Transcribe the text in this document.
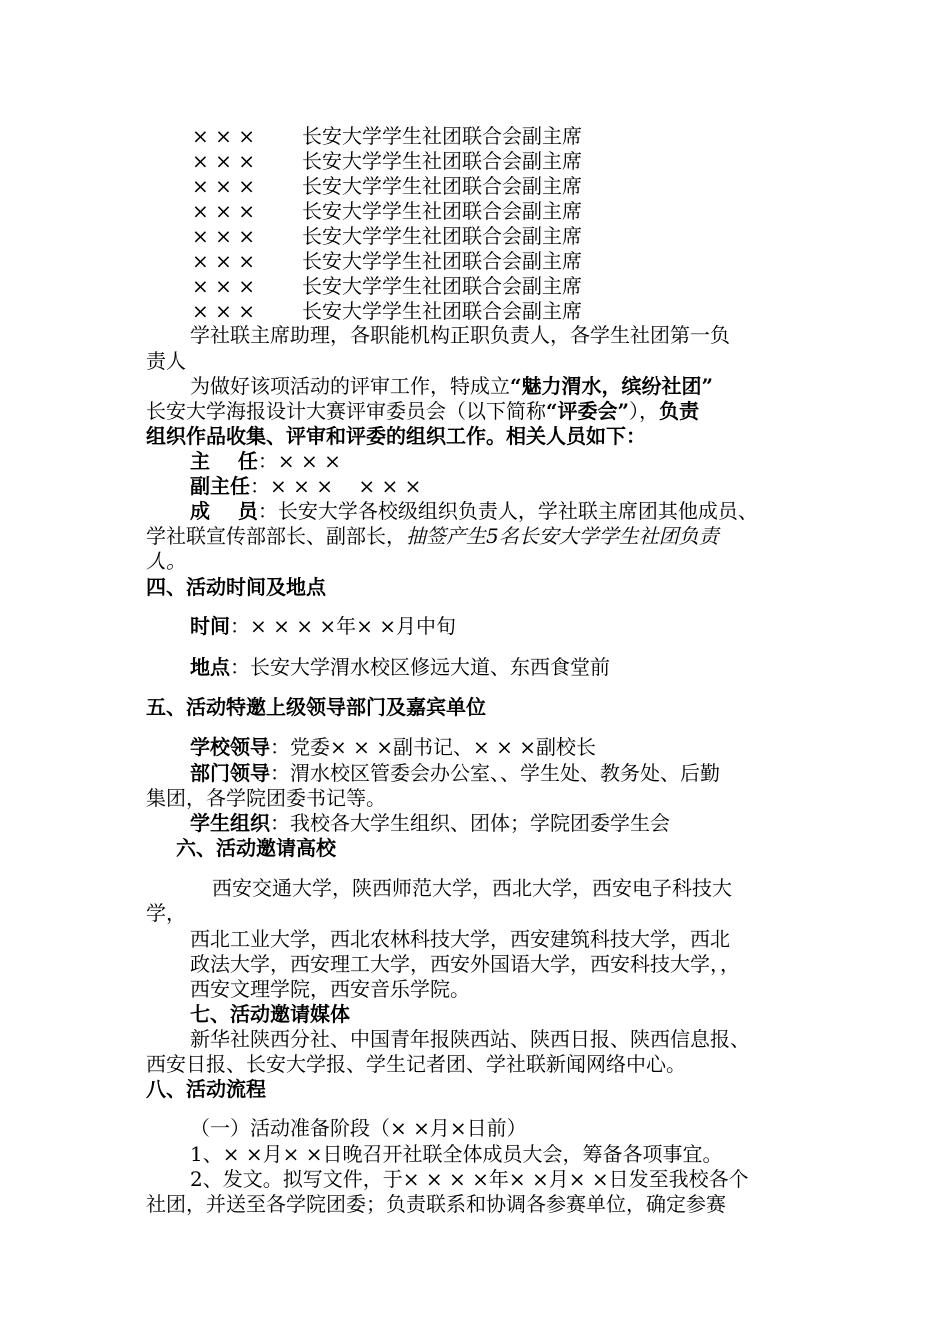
× × × 长安大学学生社团联合会副主席
× × × 长安大学学生社团联合会副主席
× × × 长安大学学生社团联合会副主席
× × × 长安大学学生社团联合会副主席
× × × 长安大学学生社团联合会副主席
× × × 长安大学学生社团联合会副主席
× × × 长安大学学生社团联合会副主席
× × × 长安大学学生社团联合会副主席
学社联主席助理，各职能机构正职负责人，各学生社团第一负
责人
为做好该项活动的评审工作，特成立“魅力渭水，缤纷社团”
长安大学海报设计大赛评审委员会（以下简称“评委会”），负责
组织作品收集、评审和评委的组织工作。相关人员如下：
主    任：× × ×
副主任：× × ×    × × ×
成    员：长安大学各校级组织负责人，学社联主席团其他成员、
学社联宣传部部长、副部长，抽签产生5名长安大学学生社团负责
人。
四、活动时间及地点
时间：× × × ×年× ×月中旬
地点：长安大学渭水校区修远大道、东西食堂前
五、活动特邀上级领导部门及嘉宾单位
学校领导：党委× × ×副书记、× × ×副校长
部门领导：渭水校区管委会办公室、、学生处、教务处、后勤
集团，各学院团委书记等。
学生组织：我校各大学生组织、团体；学院团委学生会
六、活动邀请高校
西安交通大学，陕西师范大学，西北大学，西安电子科技大
学，
西北工业大学，西北农林科技大学，西安建筑科技大学，西北
政法大学，西安理工大学，西安外国语大学，西安科技大学，，
西安文理学院，西安音乐学院。
七、活动邀请媒体
新华社陕西分社、中国青年报陕西站、陕西日报、陕西信息报、
西安日报、长安大学报、学生记者团、学社联新闻网络中心。
八、活动流程
（一）活动准备阶段（× ×月×日前）
1、× ×月× ×日晚召开社联全体成员大会，筹备各项事宜。
2、发文。拟写文件，于× × × ×年× ×月× ×日发至我校各个
社团，并送至各学院团委；负责联系和协调各参赛单位，确定参赛
